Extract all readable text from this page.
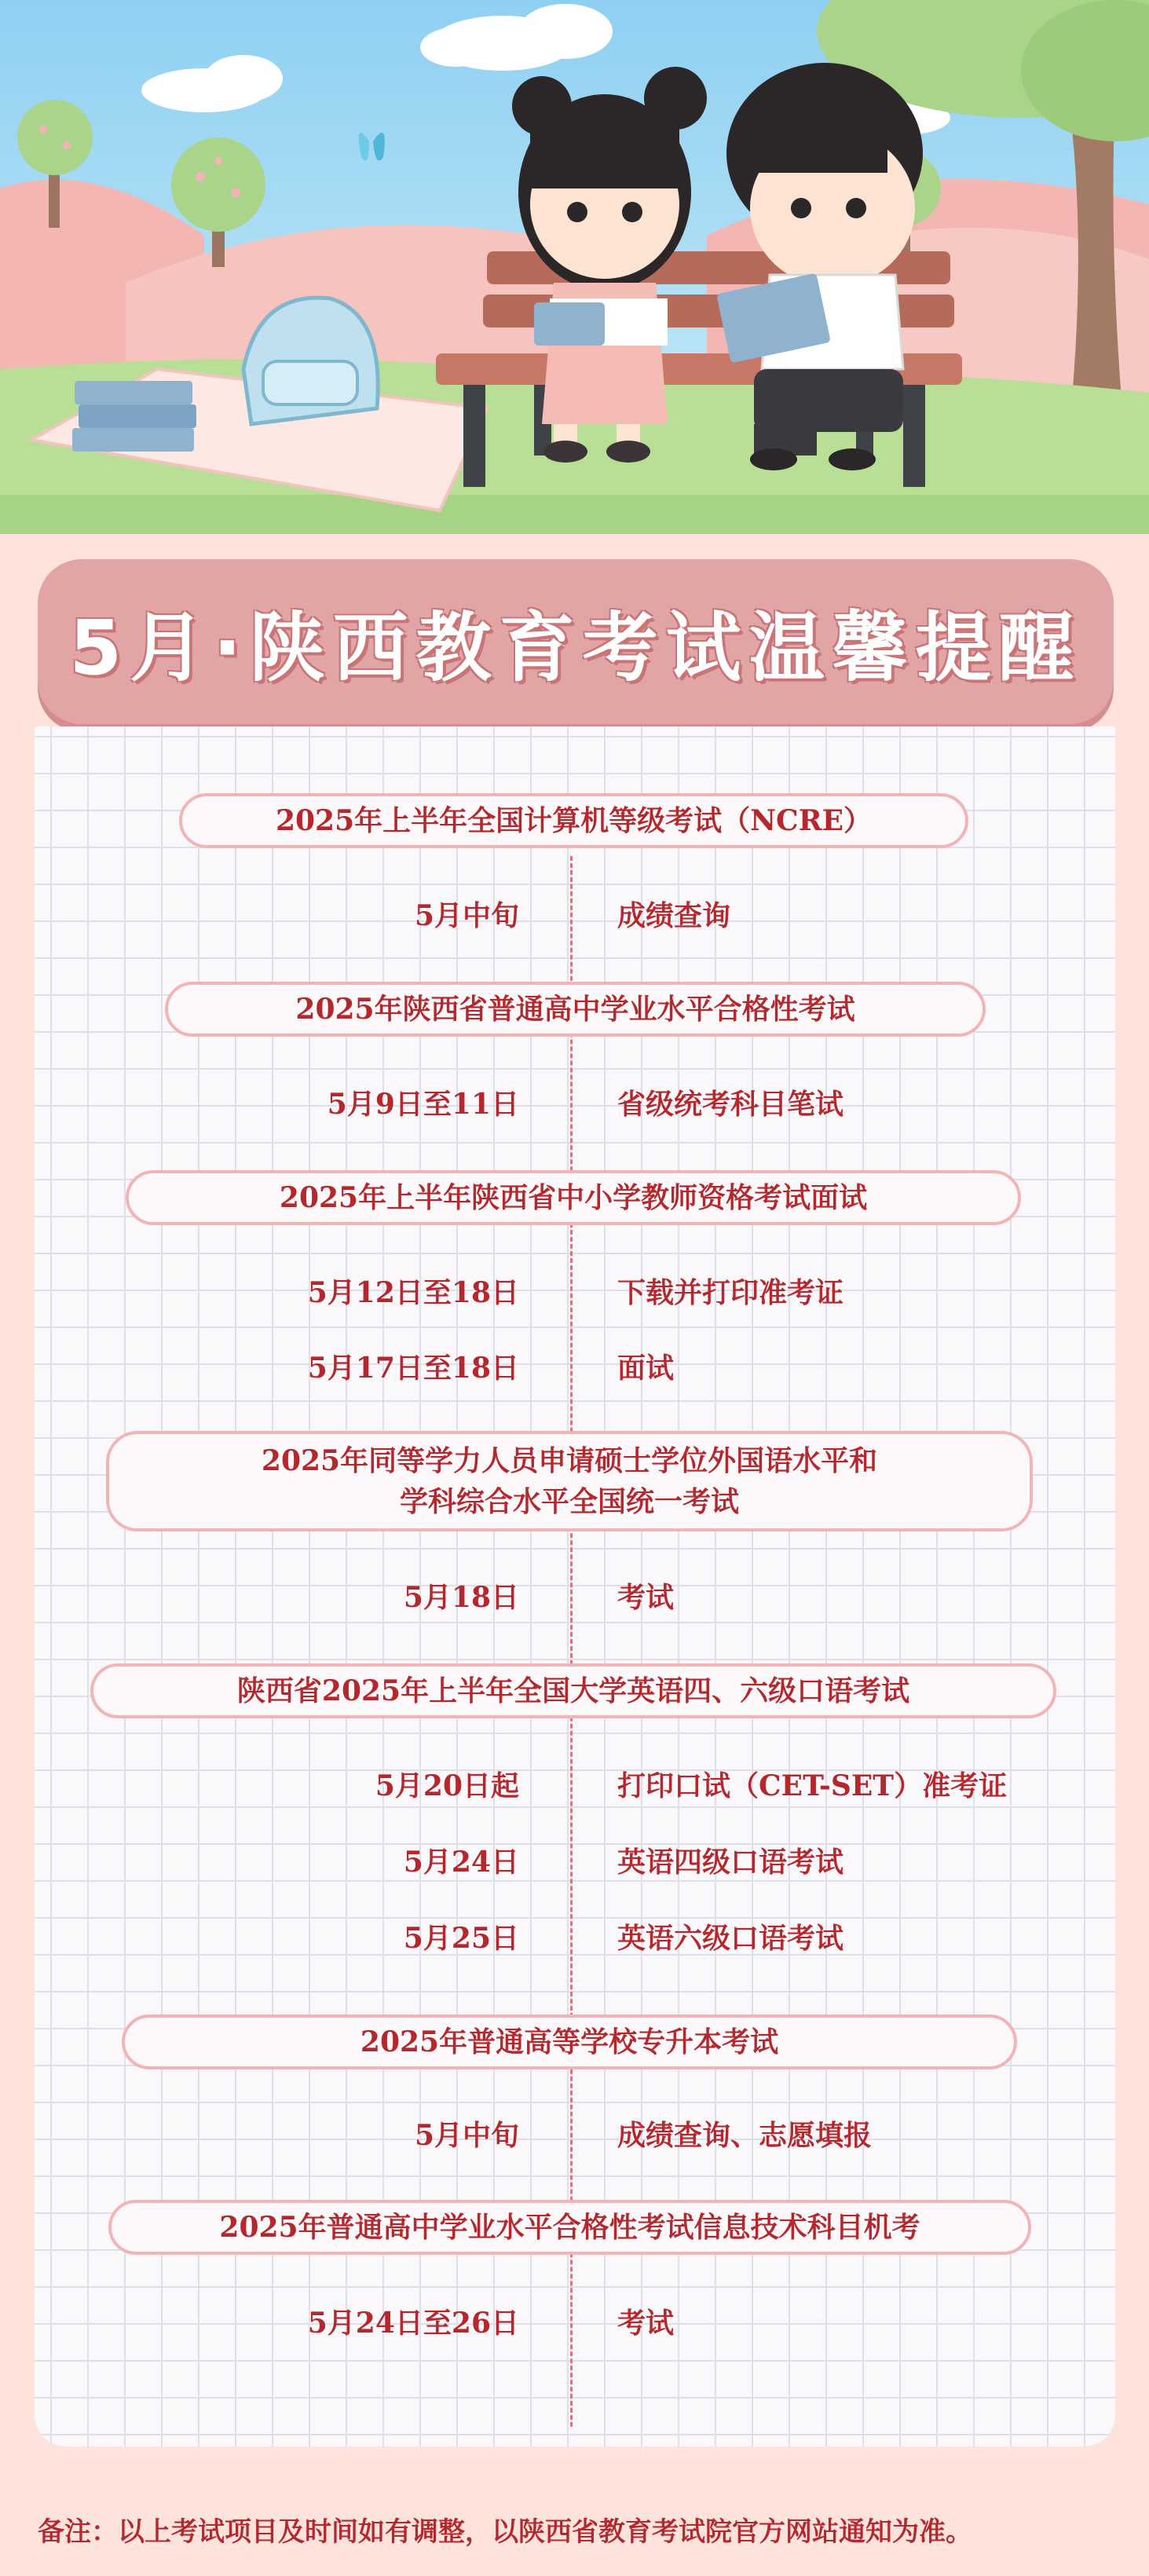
5月·陕西教育考试温馨提醒
2025年上半年全国计算机等级考试（NCRE）
5月中旬	成绩查询
2025年陕西省普通高中学业水平合格性考试
5月9日至11日	省级统考科目笔试
2025年上半年陕西省中小学教师资格考试面试
5月12日至18日	下载并打印准考证
5月17日至18日	面试
2025年同等学力人员申请硕士学位外国语水平和
学科综合水平全国统一考试
5月18日	考试
陕西省2025年上半年全国大学英语四、六级口语考试
5月20日起	打印口试（CET-SET）准考证
5月24日	英语四级口语考试
5月25日	英语六级口语考试
2025年普通高等学校专升本考试
5月中旬	成绩查询、志愿填报
2025年普通高中学业水平合格性考试信息技术科目机考
5月24日至26日	考试
备注：以上考试项目及时间如有调整，以陕西省教育考试院官方网站通知为准。
